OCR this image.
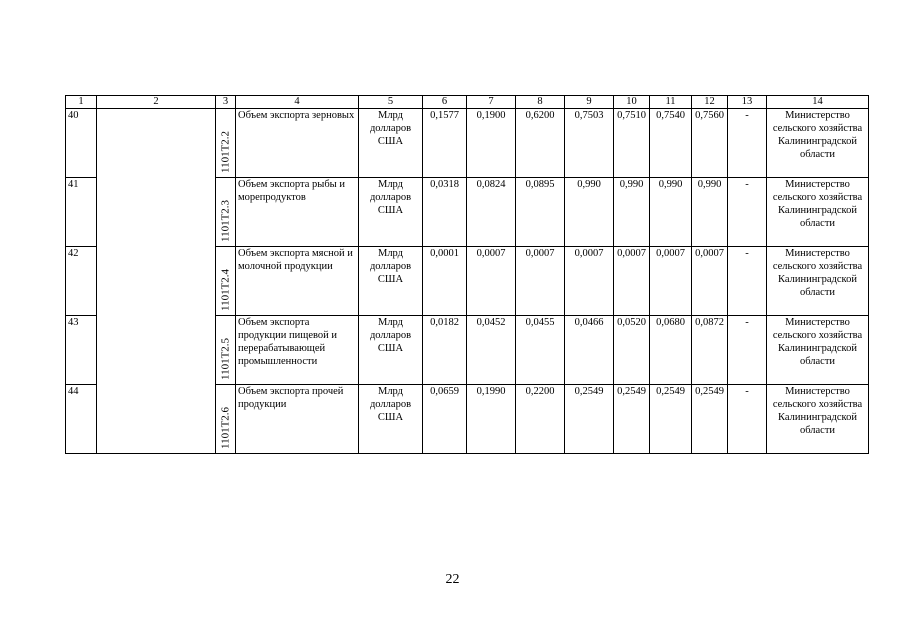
1	2	3	4	5	6	7	8	9	10	11	12	13	14
40		1101T2.2	Объем экспорта зерновых	Млрд долларов США	0,1577	0,1900	0,6200	0,7503	0,7510	0,7540	0,7560	-	Министерство сельского хозяйства Калининградской области
41		1101T2.3	Объем экспорта рыбы и морепродуктов	Млрд долларов США	0,0318	0,0824	0,0895	0,990	0,990	0,990	0,990	-	Министерство сельского хозяйства Калининградской области
42		1101T2.4	Объем экспорта мясной и молочной продукции	Млрд долларов США	0,0001	0,0007	0,0007	0,0007	0,0007	0,0007	0,0007	-	Министерство сельского хозяйства Калининградской области
43		1101T2.5	Объем экспорта продукции пищевой и перерабатывающей промышленности	Млрд долларов США	0,0182	0,0452	0,0455	0,0466	0,0520	0,0680	0,0872	-	Министерство сельского хозяйства Калининградской области
44		1101T2.6	Объем экспорта прочей продукции	Млрд долларов США	0,0659	0,1990	0,2200	0,2549	0,2549	0,2549	0,2549	-	Министерство сельского хозяйства Калининградской области
22
